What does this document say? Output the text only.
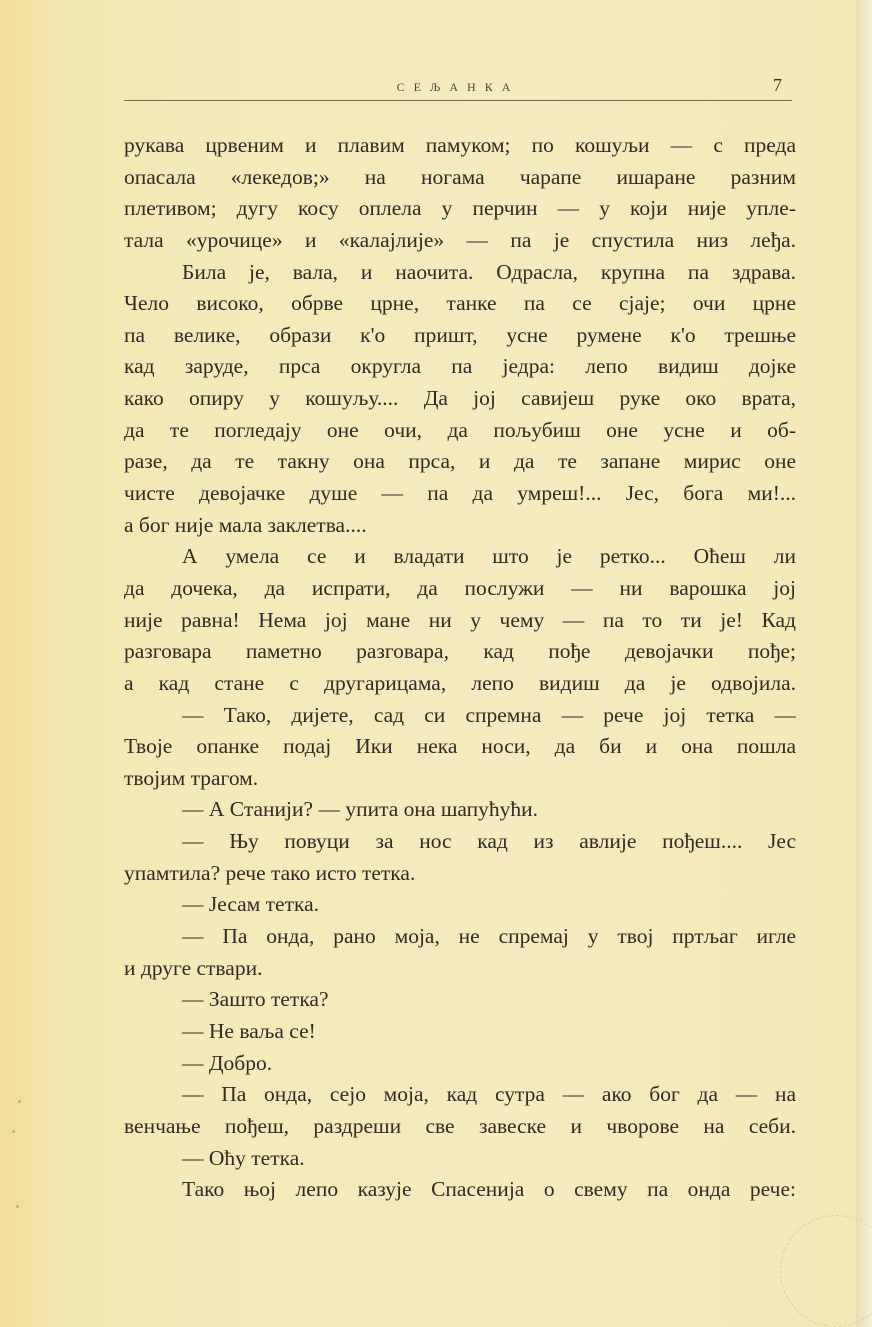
СЕЉАНКА	7
рукава црвеним и плавим памуком; по кошуљи — с преда
опасала «лекедов;» на ногама чарапе ишаране разним
плетивом; дугу косу оплела у перчин — у који није упле-
тала «урочице» и «калајлије» — па је спустила низ леђа.
Била је, вала, и наочита. Одрасла, крупна па здрава.
Чело високо, обрве црне, танке па се сјаје; очи црне
па велике, образи к'о пришт, усне румене к'о трешње
кад заруде, прса округла па једра: лепо видиш дојке
како опиру у кошуљу.... Да јој савијеш руке око врата,
да те погледају оне очи, да пољубиш оне усне и об-
разе, да те такну она прса, и да те запане мирис оне
чисте девојачке душе — па да умреш!... Јес, бога ми!...
а бог није мала заклетва....
А умела се и владати што је ретко... Оћеш ли
да дочека, да испрати, да послужи — ни варошка јој
није равна! Нема јој мане ни у чему — па то ти је! Кад
разговара паметно разговара, кад пође девојачки пође;
а кад стане с другарицама, лепо видиш да је одвојила.
— Тако, дијете, сад си спремна — рече јој тетка —
Твоје опанке подај Ики нека носи, да би и она пошла
твојим трагом.
— А Станији? — упита она шапућући.
— Њу повуци за нос кад из авлије пођеш.... Јес
упамтила? рече тако исто тетка.
— Јесам тетка.
— Па онда, рано моја, не спремај у твој пртљаг игле
и друге ствари.
— Зашто тетка?
— Не ваља се!
— Добро.
— Па онда, сејо моја, кад сутра — ако бог да — на
венчање пођеш, раздреши све завеске и чворове на себи.
— Оћу тетка.
Тако њој лепо казује Спасенија о свему па онда рече:
